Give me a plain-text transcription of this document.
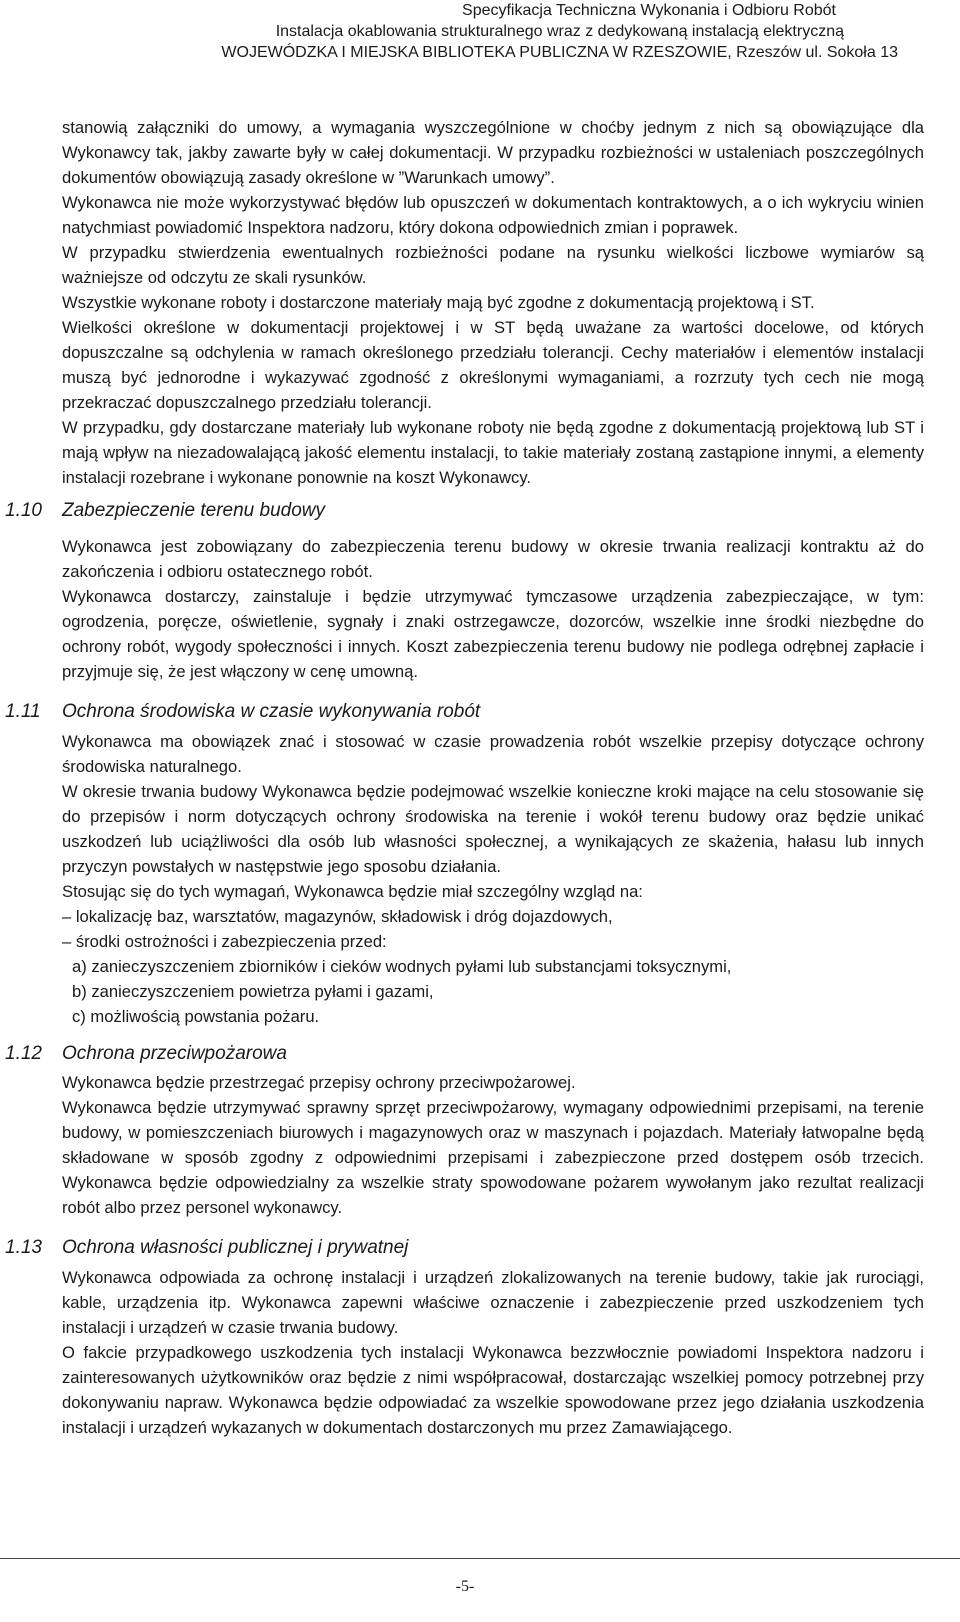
Specyfikacja Techniczna Wykonania i Odbioru Robót
Instalacja okablowania strukturalnego wraz z dedykowaną instalacją elektryczną
WOJEWÓDZKA I MIEJSKA BIBLIOTEKA PUBLICZNA W RZESZOWIE, Rzeszów ul. Sokoła 13

stanowią załączniki do umowy, a wymagania wyszczególnione w choćby jednym z nich są obowiązujące dla Wykonawcy tak, jakby zawarte były w całej dokumentacji. W przypadku rozbieżności w ustaleniach poszczególnych dokumentów obowiązują zasady określone w ”Warunkach umowy”.

Wykonawca nie może wykorzystywać błędów lub opuszczeń w dokumentach kontraktowych, a o ich wykryciu winien natychmiast powiadomić Inspektora nadzoru, który dokona odpowiednich zmian i poprawek.

W przypadku stwierdzenia ewentualnych rozbieżności podane na rysunku wielkości liczbowe wymiarów są ważniejsze od odczytu ze skali rysunków.

Wszystkie wykonane roboty i dostarczone materiały mają być zgodne z dokumentacją projektową i ST.

Wielkości określone w dokumentacji projektowej i w ST będą uważane za wartości docelowe, od których dopuszczalne są odchylenia w ramach określonego przedziału tolerancji. Cechy materiałów i elementów instalacji muszą być jednorodne i wykazywać zgodność z określonymi wymaganiami, a rozrzuty tych cech nie mogą przekraczać dopuszczalnego przedziału tolerancji.

W przypadku, gdy dostarczane materiały lub wykonane roboty nie będą zgodne z dokumentacją projektową lub ST i mają wpływ na niezadowalającą jakość elementu instalacji, to takie materiały zostaną zastąpione innymi, a elementy instalacji rozebrane i wykonane ponownie na koszt Wykonawcy.

1.10 Zabezpieczenie terenu budowy

Wykonawca jest zobowiązany do zabezpieczenia terenu budowy w okresie trwania realizacji kontraktu aż do zakończenia i odbioru ostatecznego robót.

Wykonawca dostarczy, zainstaluje i będzie utrzymywać tymczasowe urządzenia zabezpieczające, w tym: ogrodzenia, poręcze, oświetlenie, sygnały i znaki ostrzegawcze, dozorców, wszelkie inne środki niezbędne do ochrony robót, wygody społeczności i innych. Koszt zabezpieczenia terenu budowy nie podlega odrębnej zapłacie i przyjmuje się, że jest włączony w cenę umowną.

1.11 Ochrona środowiska w czasie wykonywania robót

Wykonawca ma obowiązek znać i stosować w czasie prowadzenia robót wszelkie przepisy dotyczące ochrony środowiska naturalnego.

W okresie trwania budowy Wykonawca będzie podejmować wszelkie konieczne kroki mające na celu stosowanie się do przepisów i norm dotyczących ochrony środowiska na terenie i wokół terenu budowy oraz będzie unikać uszkodzeń lub uciążliwości dla osób lub własności społecznej, a wynikających ze skażenia, hałasu lub innych przyczyn powstałych w następstwie jego sposobu działania.

Stosując się do tych wymagań, Wykonawca będzie miał szczególny wzgląd na:

– lokalizację baz, warsztatów, magazynów, składowisk i dróg dojazdowych,

– środki ostrożności i zabezpieczenia przed:

a) zanieczyszczeniem zbiorników i cieków wodnych pyłami lub substancjami toksycznymi,

b) zanieczyszczeniem powietrza pyłami i gazami,

c) możliwością powstania pożaru.

1.12 Ochrona przeciwpożarowa

Wykonawca będzie przestrzegać przepisy ochrony przeciwpożarowej.

Wykonawca będzie utrzymywać sprawny sprzęt przeciwpożarowy, wymagany odpowiednimi przepisami, na terenie budowy, w pomieszczeniach biurowych i magazynowych oraz w maszynach i pojazdach. Materiały łatwopalne będą składowane w sposób zgodny z odpowiednimi przepisami i zabezpieczone przed dostępem osób trzecich. Wykonawca będzie odpowiedzialny za wszelkie straty spowodowane pożarem wywołanym jako rezultat realizacji robót albo przez personel wykonawcy.

1.13 Ochrona własności publicznej i prywatnej

Wykonawca odpowiada za ochronę instalacji i urządzeń zlokalizowanych na terenie budowy, takie jak rurociągi, kable, urządzenia itp. Wykonawca zapewni właściwe oznaczenie i zabezpieczenie przed uszkodzeniem tych instalacji i urządzeń w czasie trwania budowy.

O fakcie przypadkowego uszkodzenia tych instalacji Wykonawca bezzwłocznie powiadomi Inspektora nadzoru i zainteresowanych użytkowników oraz będzie z nimi współpracował, dostarczając wszelkiej pomocy potrzebnej przy dokonywaniu napraw. Wykonawca będzie odpowiadać za wszelkie spowodowane przez jego działania uszkodzenia instalacji i urządzeń wykazanych w dokumentach dostarczonych mu przez Zamawiającego.

-5-
